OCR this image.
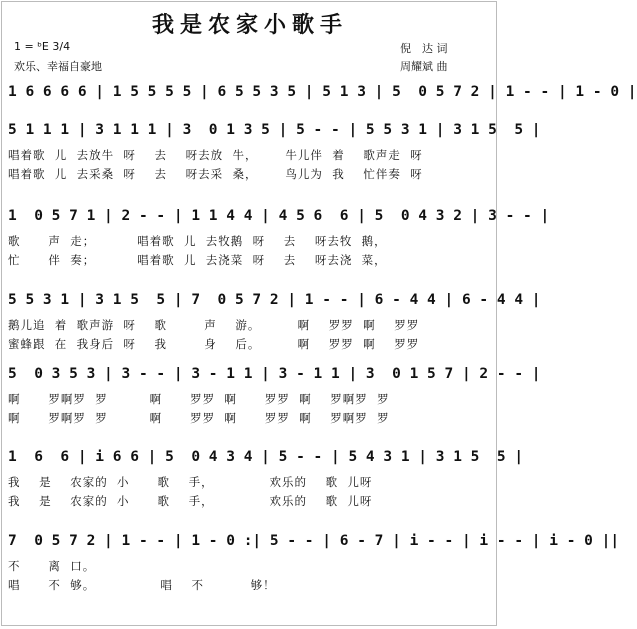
我是农家小歌手
1 = ᵇE 3/4
欢乐、幸福自豪地
倪　达 词
周耀斌 曲
1 6 6 6 6 | 1 5 5 5 5 | 6 5 5 3 5 | 5 1 3 | 5  0 5 7 2 | 1 - - | 1 - 0 |
5 1 1 1 | 3 1 1 1 | 3  0 1 3 5 | 5 - - | 5 5 3 1 | 3 1 5  5 |
唱着歌  儿  去放牛  呀    去    呀去放  牛，      牛儿伴  着    歌声走  呀
唱着歌  儿  去采桑  呀    去    呀去采  桑，      鸟儿为  我    忙伴奏  呀
1  0 5 7 1 | 2 - - | 1 1 4 4 | 4 5 6  6 | 5  0 4 3 2 | 3 - - |
歌      声  走；         唱着歌  儿  去牧鹅  呀    去    呀去牧  鹅，
忙      伴  奏；         唱着歌  儿  去浇菜  呀    去    呀去浇  菜，
5 5 3 1 | 3 1 5  5 | 7  0 5 7 2 | 1 - - | 6 - 4 4 | 6 - 4 4 |
鹅儿追  着  歌声游  呀    歌        声    游。        啊    罗罗  啊    罗罗
蜜蜂跟  在  我身后  呀    我        身    后。        啊    罗罗  啊    罗罗
5  0 3 5 3 | 3 - - | 3 - 1 1 | 3 - 1 1 | 3  0 1 5 7 | 2 - - |
啊      罗啊罗  罗         啊      罗罗  啊      罗罗  啊    罗啊罗  罗
啊      罗啊罗  罗         啊      罗罗  啊      罗罗  啊    罗啊罗  罗
1  6  6 | i 6 6 | 5  0 4 3 4 | 5 - - | 5 4 3 1 | 3 1 5  5 |
我    是    农家的  小      歌    手，            欢乐的    歌  儿呀
我    是    农家的  小      歌    手，            欢乐的    歌  儿呀
7  0 5 7 2 | 1 - - | 1 - 0 :| 5 - - | 6 - 7 | i - - | i - - | i - 0 ||
不      离  口。
唱      不  够。              唱    不          够！
